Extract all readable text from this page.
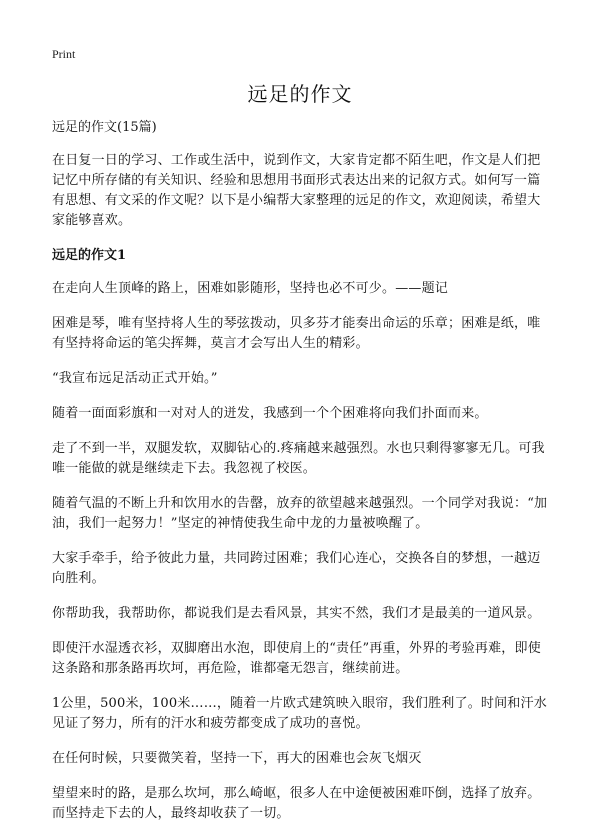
Print
远足的作文
远足的作文(15篇)

在日复一日的学习、工作或生活中，说到作文，大家肯定都不陌生吧，作文是人们把记忆中所存储的有关知识、经验和思想用书面形式表达出来的记叙方式。如何写一篇有思想、有文采的作文呢？以下是小编帮大家整理的远足的作文，欢迎阅读，希望大家能够喜欢。

远足的作文1

在走向人生顶峰的路上，困难如影随形，坚持也必不可少。——题记

困难是琴，唯有坚持将人生的琴弦拨动，贝多芬才能奏出命运的乐章；困难是纸，唯有坚持将命运的笔尖挥舞，莫言才会写出人生的精彩。

“我宣布远足活动正式开始。”

随着一面面彩旗和一对对人的迸发，我感到一个个困难将向我们扑面而来。

走了不到一半，双腿发软，双脚钻心的.疼痛越来越强烈。水也只剩得寥寥无几。可我唯一能做的就是继续走下去。我忽视了校医。

随着气温的不断上升和饮用水的告罄，放弃的欲望越来越强烈。一个同学对我说：“加油，我们一起努力！”坚定的神情使我生命中龙的力量被唤醒了。

大家手牵手，给予彼此力量，共同跨过困难；我们心连心，交换各自的梦想，一越迈向胜利。

你帮助我，我帮助你，都说我们是去看风景，其实不然，我们才是最美的一道风景。

即使汗水湿透衣衫，双脚磨出水泡，即使肩上的“责任”再重，外界的考验再难，即使这条路和那条路再坎坷，再危险，谁都毫无怨言，继续前进。

1公里，500米，100米……，随着一片欧式建筑映入眼帘，我们胜利了。时间和汗水见证了努力，所有的汗水和疲劳都变成了成功的喜悦。

在任何时候，只要微笑着，坚持一下，再大的困难也会灰飞烟灭

望望来时的路，是那么坎坷，那么崎岖，很多人在中途便被困难吓倒，选择了放弃。而坚持走下去的人，最终却收获了一切。
